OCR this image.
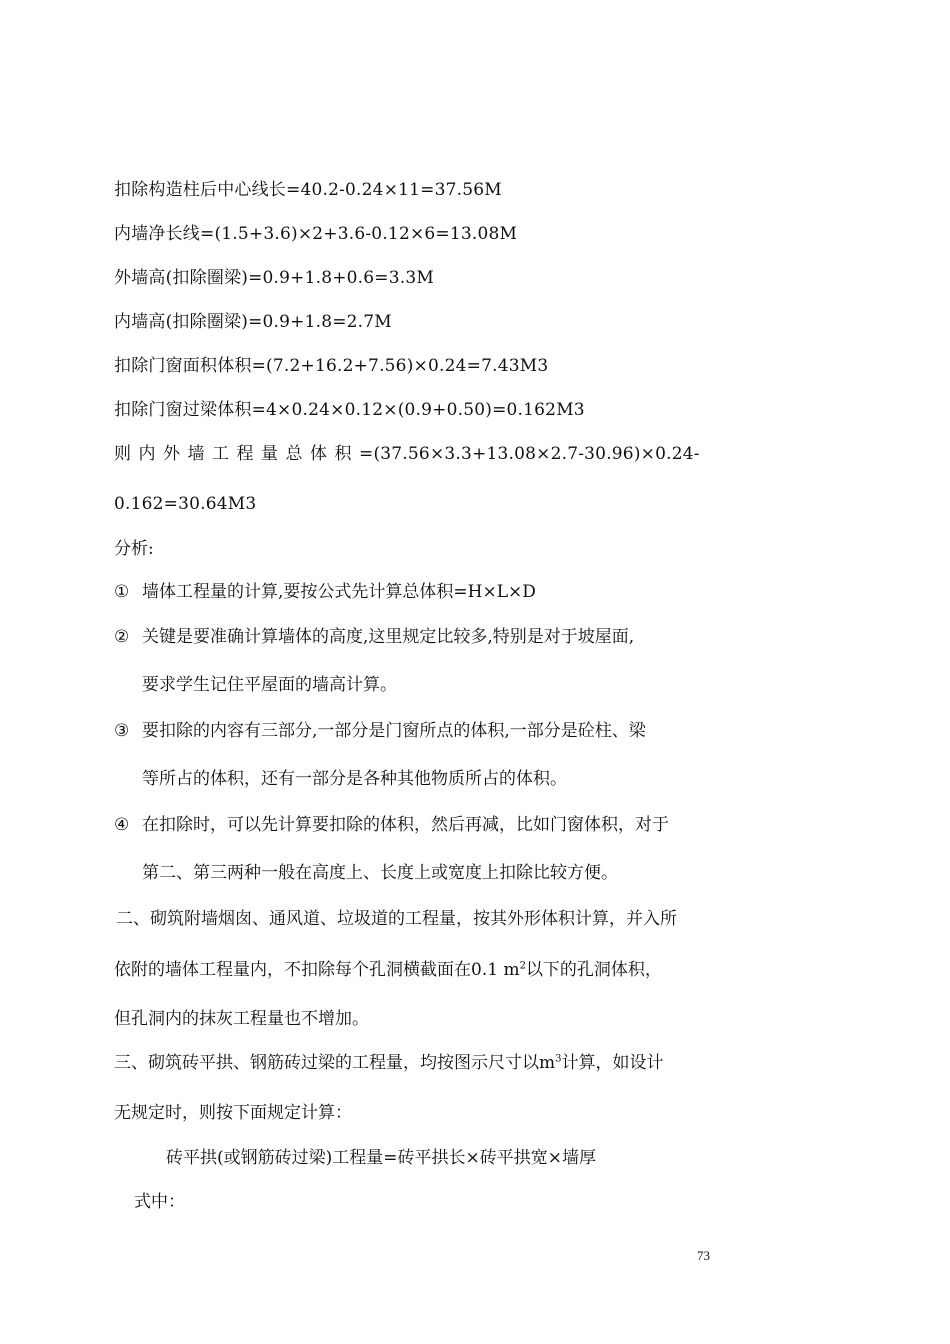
扣除构造柱后中心线长=40.2-0.24×11=37.56M
内墙净长线=(1.5+3.6)×2+3.6-0.12×6=13.08M
外墙高(扣除圈梁)=0.9+1.8+0.6=3.3M
内墙高(扣除圈梁)=0.9+1.8=2.7M
扣除门窗面积体积=(7.2+16.2+7.56)×0.24=7.43M3
扣除门窗过梁体积=4×0.24×0.12×(0.9+0.50)=0.162M3
则内外墙工程量总体积=(37.56×3.3+13.08×2.7-30.96)×0.24-
0.162=30.64M3
分析:
① 墙体工程量的计算,要按公式先计算总体积=H×L×D
② 关键是要准确计算墙体的高度,这里规定比较多,特别是对于坡屋面,
要求学生记住平屋面的墙高计算。
③ 要扣除的内容有三部分,一部分是门窗所点的体积,一部分是砼柱、梁
等所占的体积，还有一部分是各种其他物质所占的体积。
④ 在扣除时，可以先计算要扣除的体积，然后再减，比如门窗体积，对于
第二、第三两种一般在高度上、长度上或宽度上扣除比较方便。
二、砌筑附墙烟囱、通风道、垃圾道的工程量，按其外形体积计算，并入所
依附的墙体工程量内，不扣除每个孔洞横截面在0.1 $m^2$以下的孔洞体积，
但孔洞内的抹灰工程量也不增加。
三、砌筑砖平拱、钢筋砖过梁的工程量，均按图示尺寸以$m^3$计算，如设计
无规定时，则按下面规定计算：
砖平拱(或钢筋砖过梁)工程量=砖平拱长×砖平拱宽×墙厚
式中：
73
